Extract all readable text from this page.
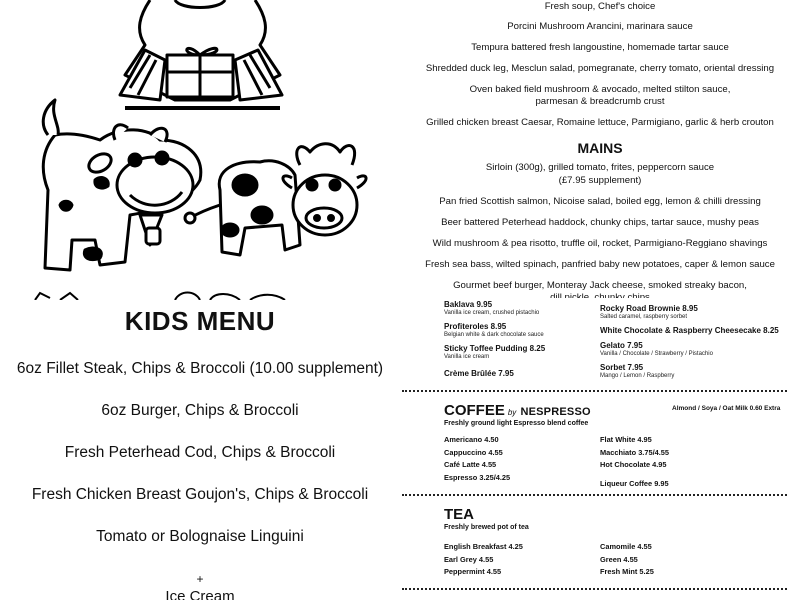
KIDS MENU
6oz Fillet Steak, Chips & Broccoli (10.00 supplement)
6oz Burger, Chips & Broccoli
Fresh Peterhead Cod, Chips & Broccoli
Fresh Chicken Breast Goujon's, Chips & Broccoli
Tomato or Bolognaise Linguini
+
Ice Cream
Fresh soup, Chef's choice
Porcini Mushroom Arancini, marinara sauce
Tempura battered fresh langoustine, homemade tartar sauce
Shredded duck leg, Mesclun salad, pomegranate, cherry tomato, oriental dressing
Oven baked field mushroom & avocado, melted stilton sauce,
parmesan & breadcrumb crust
Grilled chicken breast Caesar, Romaine lettuce, Parmigiano, garlic & herb crouton
MAINS
Sirloin (300g), grilled tomato, frites, peppercorn sauce
(£7.95 supplement)
Pan fried Scottish salmon, Nicoise salad, boiled egg, lemon & chilli dressing
Beer battered Peterhead haddock, chunky chips, tartar sauce, mushy peas
Wild mushroom & pea risotto, truffle oil, rocket, Parmigiano-Reggiano shavings
Fresh sea bass, wilted spinach, panfried baby new potatoes, caper & lemon sauce
Gourmet beef burger, Monteray Jack cheese, smoked streaky bacon,
Baklava 9.95
Vanilla ice cream, crushed pistachio
Profiteroles 8.95
Belgian white & dark chocolate sauce
Sticky Toffee Pudding 8.25
Vanilla ice cream
Crème Brûlée 7.95
Rocky Road Brownie 8.95
Salted caramel, raspberry sorbet
White Chocolate & Raspberry Cheesecake 8.25
Gelato 7.95
Vanilla / Chocolate / Strawberry / Pistachio
Sorbet 7.95
Mango / Lemon / Raspberry
COFFEE by NESPRESSO	Almond / Soya / Oat Milk 0.60 Extra
Freshly ground light Espresso blend coffee
Americano 4.50
Cappuccino 4.55
Café Latte 4.55
Espresso 3.25/4.25
Flat White 4.95
Macchiato 3.75/4.55
Hot Chocolate 4.95
Liqueur Coffee 9.95
TEA
Freshly brewed pot of tea
English Breakfast 4.25
Earl Grey 4.55
Peppermint 4.55
Camomile 4.55
Green 4.55
Fresh Mint 5.25
